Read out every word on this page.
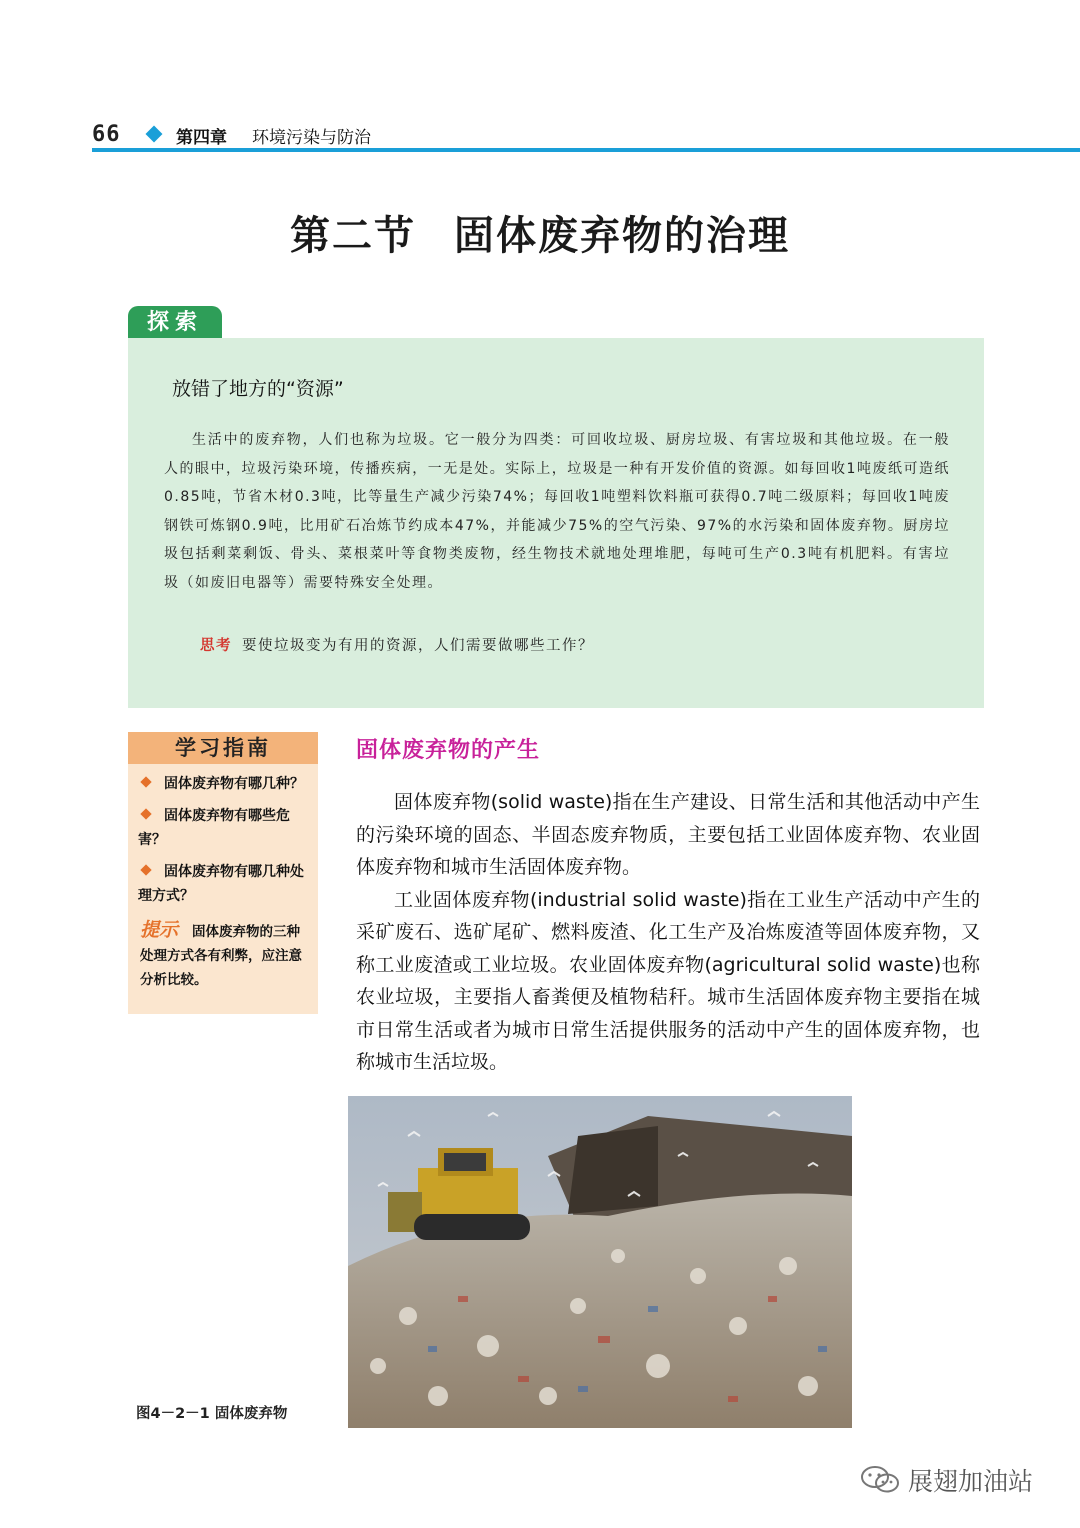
66	第四章 环境污染与防治
第二节 固体废弃物的治理
探索
放错了地方的“资源”
生活中的废弃物，人们也称为垃圾。它一般分为四类：可回收垃圾、厨房垃圾、有害垃圾和其他垃圾。在一般人的眼中，垃圾污染环境，传播疾病，一无是处。实际上，垃圾是一种有开发价值的资源。如每回收1吨废纸可造纸0.85吨，节省木材0.3吨，比等量生产减少污染74%；每回收1吨塑料饮料瓶可获得0.7吨二级原料；每回收1吨废钢铁可炼钢0.9吨，比用矿石冶炼节约成本47%，并能减少75%的空气污染、97%的水污染和固体废弃物。厨房垃圾包括剩菜剩饭、骨头、菜根菜叶等食物类废物，经生物技术就地处理堆肥，每吨可生产0.3吨有机肥料。有害垃圾（如废旧电器等）需要特殊安全处理。
思考 要使垃圾变为有用的资源，人们需要做哪些工作？
学习指南
固体废弃物有哪几种？
固体废弃物有哪些危害？
固体废弃物有哪几种处理方式？
提示 固体废弃物的三种处理方式各有利弊，应注意分析比较。
固体废弃物的产生

固体废弃物(solid waste)指在生产建设、日常生活和其他活动中产生的污染环境的固态、半固态废弃物质，主要包括工业固体废弃物、农业固体废弃物和城市生活固体废弃物。

工业固体废弃物(industrial solid waste)指在工业生产活动中产生的采矿废石、选矿尾矿、燃料废渣、化工生产及冶炼废渣等固体废弃物，又称工业废渣或工业垃圾。农业固体废弃物(agricultural solid waste)也称农业垃圾，主要指人畜粪便及植物秸秆。城市生活固体废弃物主要指在城市日常生活或者为城市日常生活提供服务的活动中产生的固体废弃物，也称城市生活垃圾。

图4－2－1 固体废弃物
展翅加油站
